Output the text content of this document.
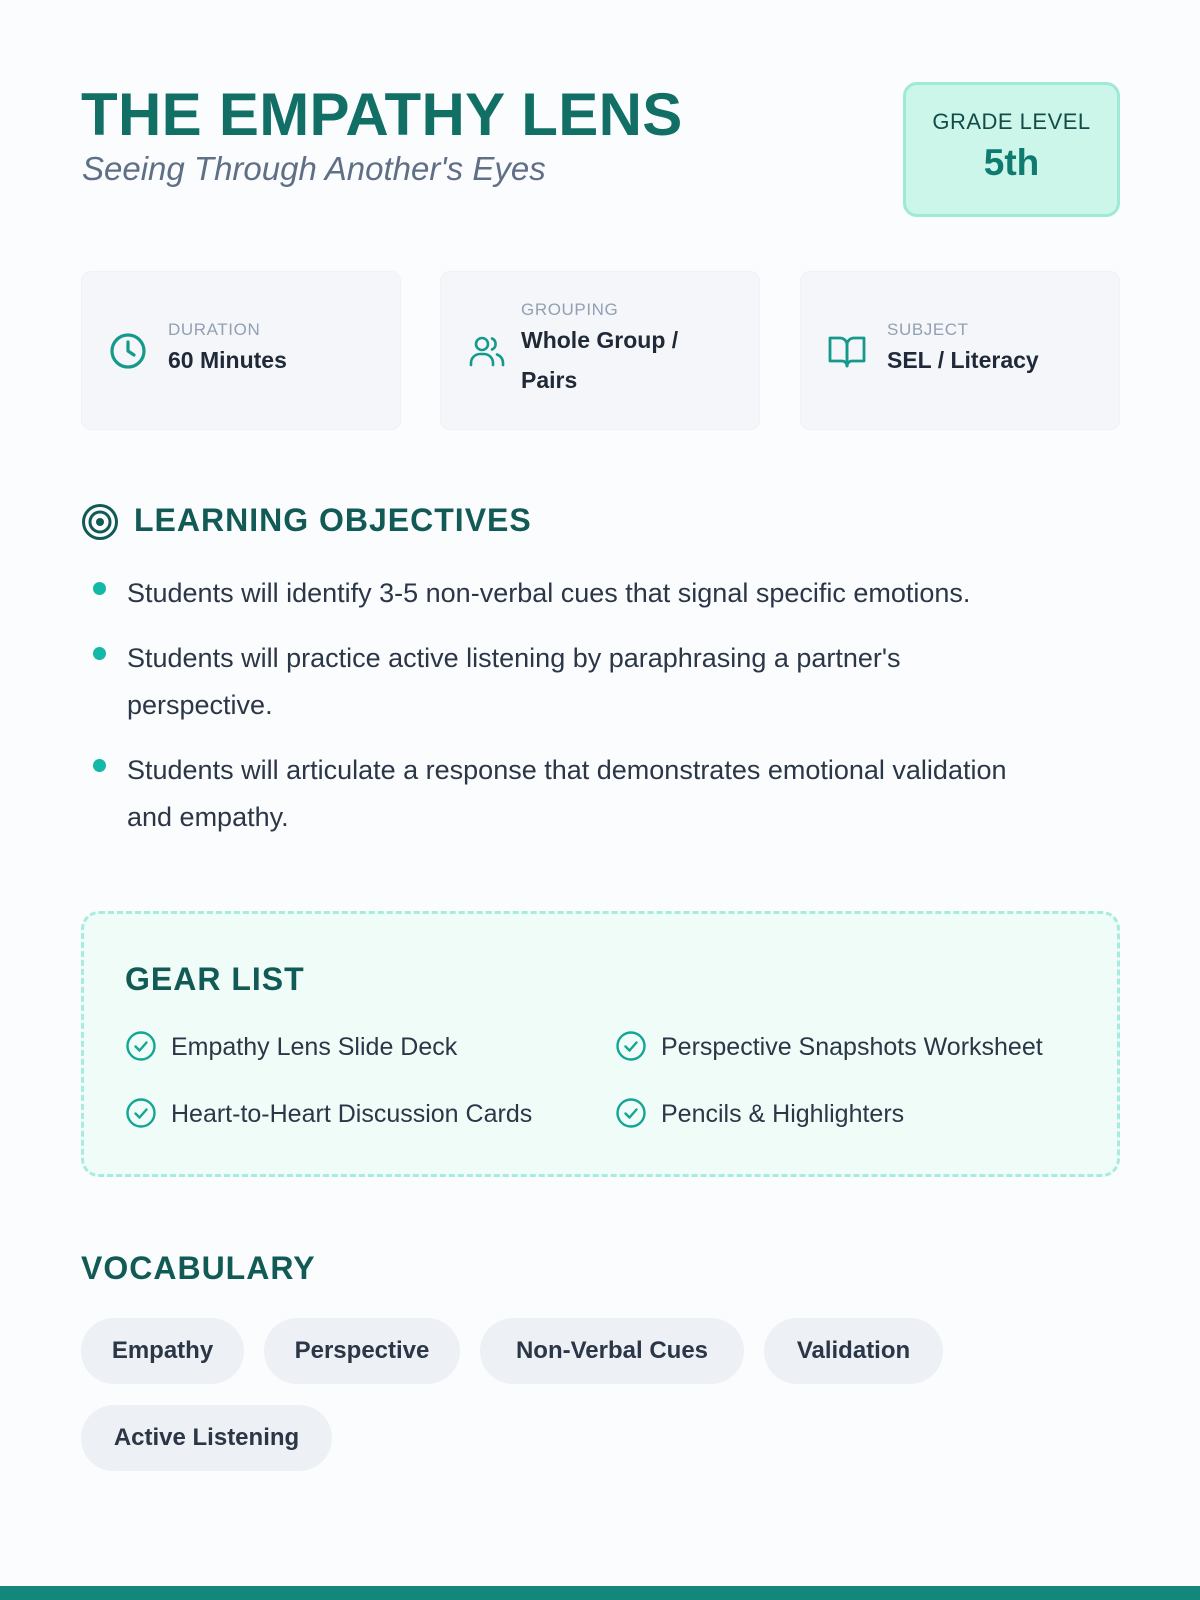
THE EMPATHY LENS
Seeing Through Another's Eyes
GRADE LEVEL
5th
DURATION
60 Minutes
GROUPING
Whole Group / Pairs
SUBJECT
SEL / Literacy
LEARNING OBJECTIVES
Students will identify 3-5 non-verbal cues that signal specific emotions.
Students will practice active listening by paraphrasing a partner's perspective.
Students will articulate a response that demonstrates emotional validation and empathy.
GEAR LIST
Empathy Lens Slide Deck	Perspective Snapshots Worksheet
Heart-to-Heart Discussion Cards	Pencils & Highlighters
VOCABULARY
Empathy	Perspective	Non-Verbal Cues	Validation
Active Listening
